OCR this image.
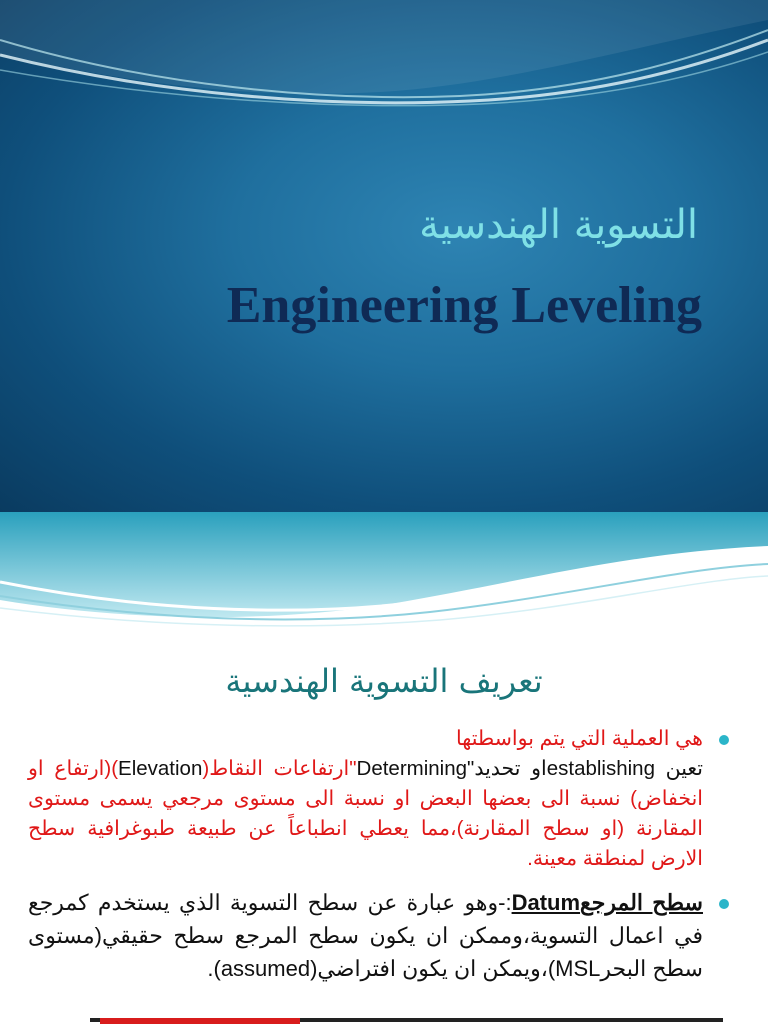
التسوية الهندسية
Engineering Leveling
تعريف التسوية الهندسية
هي العملية التي يتم بواسطتها
تعين establishingاو تحديد"Determining"ارتفاعات النقاط(Elevation)(ارتفاع او انخفاض) نسبة الى بعضها البعض او نسبة الى مستوى مرجعي يسمى مستوى المقارنة (او سطح المقارنة)،مما يعطي انطباعاً عن طبيعة طبوغرافية سطح الارض لمنطقة معينة.
سطح المرجعDatum:-وهو عبارة عن سطح التسوية الذي يستخدم كمرجع في اعمال التسوية،وممكن ان يكون سطح المرجع سطح حقيقي(مستوى سطح البحرMSL)،ويمكن ان يكون افتراضي(assumed).
